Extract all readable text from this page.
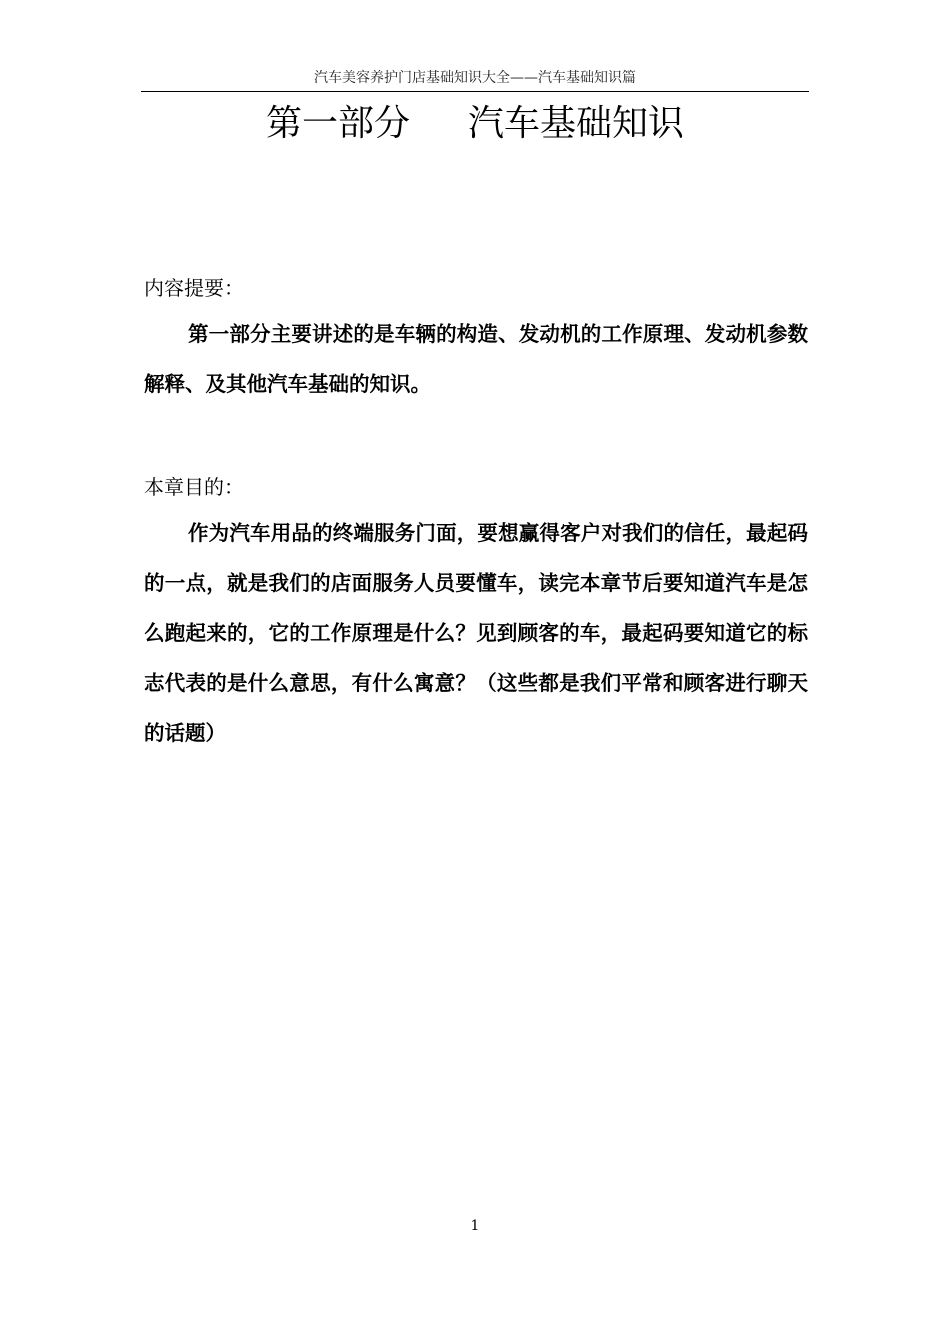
汽车美容养护门店基础知识大全——汽车基础知识篇
第一部分 汽车基础知识
内容提要：

第一部分主要讲述的是车辆的构造、发动机的工作原理、发动机参数解释、及其他汽车基础的知识。

本章目的：

作为汽车用品的终端服务门面，要想赢得客户对我们的信任，最起码的一点，就是我们的店面服务人员要懂车，读完本章节后要知道汽车是怎么跑起来的，它的工作原理是什么？见到顾客的车，最起码要知道它的标志代表的是什么意思，有什么寓意？（这些都是我们平常和顾客进行聊天的话题）

1
